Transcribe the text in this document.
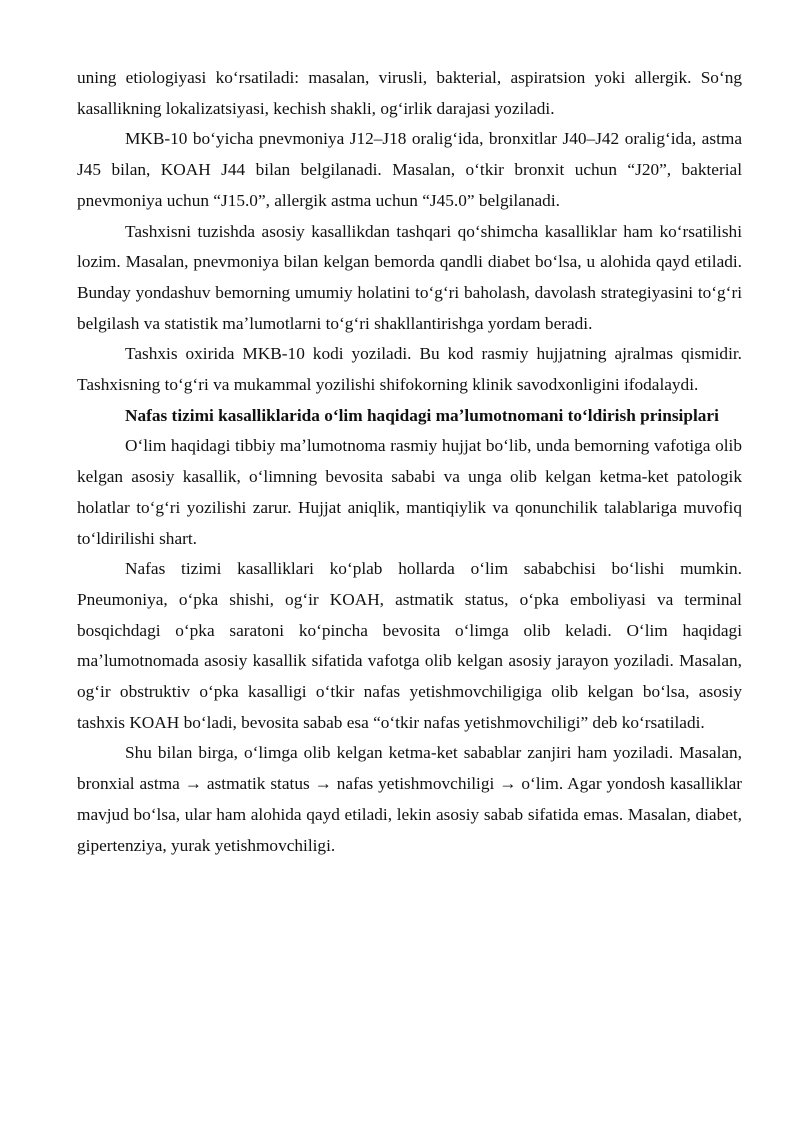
uning etiologiyasi koʻrsatiladi: masalan, virusli, bakterial, aspiratsion yoki allergik. Soʻng kasallikning lokalizatsiyasi, kechish shakli, ogʻirlik darajasi yoziladi.

MKB-10 boʻyicha pnevmoniya J12–J18 oraligʻida, bronxitlar J40–J42 oraligʻida, astma J45 bilan, KOAH J44 bilan belgilanadi. Masalan, oʻtkir bronxit uchun “J20”, bakterial pnevmoniya uchun “J15.0”, allergik astma uchun “J45.0” belgilanadi.

Tashxisni tuzishda asosiy kasallikdan tashqari qoʻshimcha kasalliklar ham koʻrsatilishi lozim. Masalan, pnevmoniya bilan kelgan bemorda qandli diabet boʻlsa, u alohida qayd etiladi. Bunday yondashuv bemorning umumiy holatini toʻgʻri baholash, davolash strategiyasini toʻgʻri belgilash va statistik maʼlumotlarni toʻgʻri shakllantirishga yordam beradi.

Tashxis oxirida MKB-10 kodi yoziladi. Bu kod rasmiy hujjatning ajralmas qismidir. Tashxisning toʻgʻri va mukammal yozilishi shifokorning klinik savodxonligini ifodalaydi.

Nafas tizimi kasalliklarida oʻlim haqidagi maʼlumotnomani toʻldirish prinsiplari

Oʻlim haqidagi tibbiy maʼlumotnoma rasmiy hujjat boʻlib, unda bemorning vafotiga olib kelgan asosiy kasallik, oʻlimning bevosita sababi va unga olib kelgan ketma-ket patologik holatlar toʻgʻri yozilishi zarur. Hujjat aniqlik, mantiqiylik va qonunchilik talablariga muvofiq toʻldirilishi shart.

Nafas tizimi kasalliklari koʻplab hollarda oʻlim sababchisi boʻlishi mumkin. Pneumoniya, oʻpka shishi, ogʻir KOAH, astmatik status, oʻpka emboliyasi va terminal bosqichdagi oʻpka saratoni koʻpincha bevosita oʻlimga olib keladi. Oʻlim haqidagi maʼlumotnomada asosiy kasallik sifatida vafotga olib kelgan asosiy jarayon yoziladi. Masalan, ogʻir obstruktiv oʻpka kasalligi oʻtkir nafas yetishmovchiligiga olib kelgan boʻlsa, asosiy tashxis KOAH boʻladi, bevosita sabab esa “oʻtkir nafas yetishmovchiligi” deb koʻrsatiladi.

Shu bilan birga, oʻlimga olib kelgan ketma-ket sabablar zanjiri ham yoziladi. Masalan, bronxial astma → astmatik status → nafas yetishmovchiligi → oʻlim. Agar yondosh kasalliklar mavjud boʻlsa, ular ham alohida qayd etiladi, lekin asosiy sabab sifatida emas. Masalan, diabet, gipertenziya, yurak yetishmovchiligi.
